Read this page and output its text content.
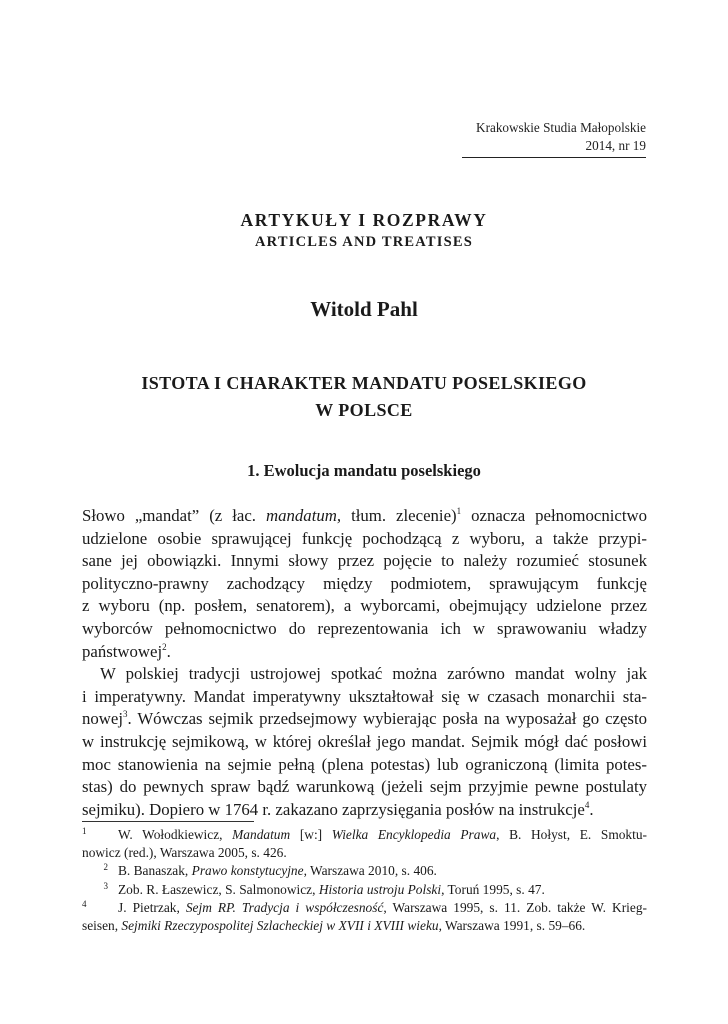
Krakowskie Studia Małopolskie
2014, nr 19
ARTYKUŁY I ROZPRAWY
ARTICLES AND TREATISES
Witold Pahl
ISTOTA I CHARAKTER MANDATU POSELSKIEGO
W POLSCE
1. Ewolucja mandatu poselskiego
Słowo „mandat” (z łac. mandatum, tłum. zlecenie)$^1$ oznacza pełnomocnictwo
udzielone osobie sprawującej funkcję pochodzącą z wyboru, a także przypi-
sane jej obowiązki. Innymi słowy przez pojęcie to należy rozumieć stosunek
polityczno-prawny zachodzący między podmiotem, sprawującym funkcję
z wyboru (np. posłem, senatorem), a wyborcami, obejmujący udzielone przez
wyborców pełnomocnictwo do reprezentowania ich w sprawowaniu władzy
państwowej$^2$.
W polskiej tradycji ustrojowej spotkać można zarówno mandat wolny jak
i imperatywny. Mandat imperatywny ukształtował się w czasach monarchii sta-
nowej$^3$. Wówczas sejmik przedsejmowy wybierając posła na wyposażał go często
w instrukcję sejmikową, w której określał jego mandat. Sejmik mógł dać posłowi
moc stanowienia na sejmie pełną (plena potestas) lub ograniczoną (limita potes-
stas) do pewnych spraw bądź warunkową (jeżeli sejm przyjmie pewne postulaty
sejmiku). Dopiero w 1764 r. zakazano zaprzysięgania posłów na instrukcje$^4$.
1 W. Wołodkiewicz, Mandatum [w:] Wielka Encyklopedia Prawa, B. Hołyst, E. Smoktu-
nowicz (red.), Warszawa 2005, s. 426.
2 B. Banaszak, Prawo konstytucyjne, Warszawa 2010, s. 406.
3 Zob. R. Łaszewicz, S. Salmonowicz, Historia ustroju Polski, Toruń 1995, s. 47.
4 J. Pietrzak, Sejm RP. Tradycja i współczesność, Warszawa 1995, s. 11. Zob. także W. Krieg-
seisen, Sejmiki Rzeczypospolitej Szlacheckiej w XVII i XVIII wieku, Warszawa 1991, s. 59–66.
